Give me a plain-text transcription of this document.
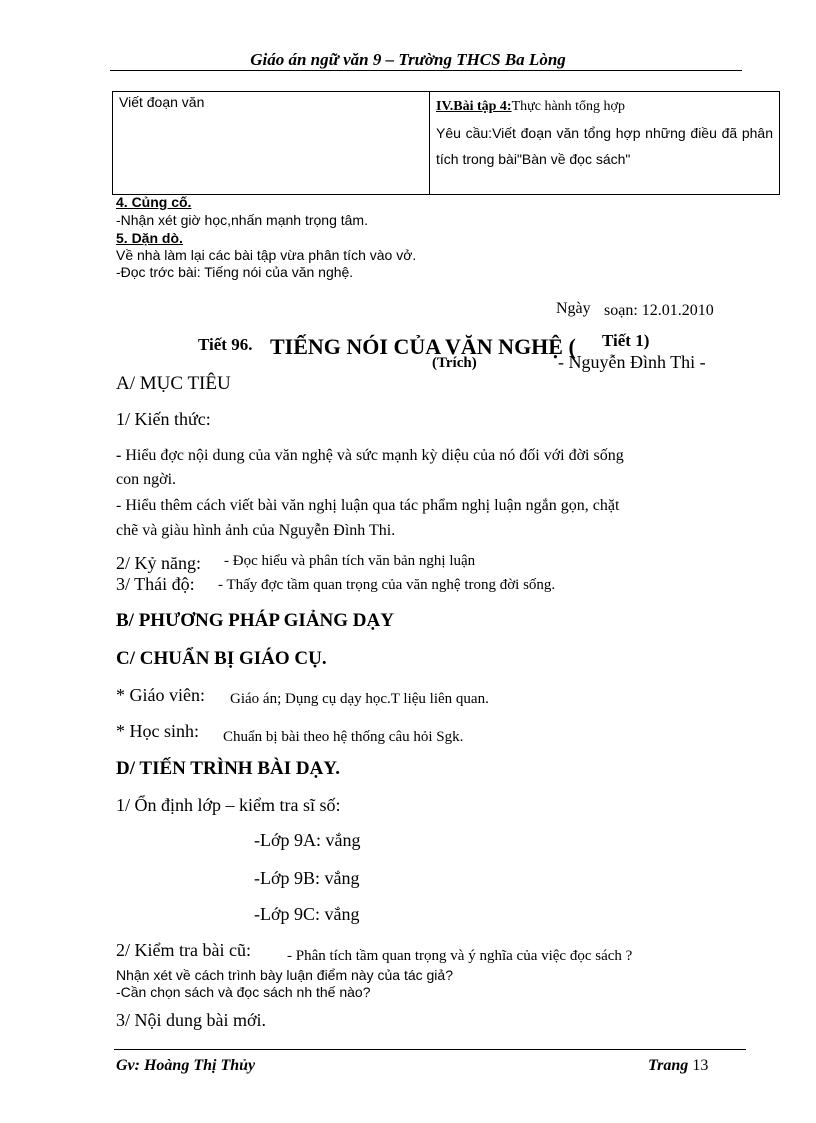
Giáo án ngữ văn 9 – Trường THCS Ba Lòng
Viết đoạn văn	IV.Bài tập 4:Thực hành tổng hợp

Yêu cầu:Viết đoạn văn tổng hợp những điều đã phân tích trong bài"Bàn về đọc sách"

4. Củng cố.
-Nhận xét giờ học,nhấn mạnh trọng tâm.
5. Dặn dò.
Về nhà làm lại các bài tập vừa phân tích vào vở.
-Đọc trớc bài: Tiếng nói của văn nghệ.
Ngày soạn: 12.01.2010
Tiết 96. TIẾNG NÓI CỦA VĂN NGHỆ ( Tiết 1)
(Trích)	- Nguyễn Đình Thi -
A/ MỤC TIÊU
1/ Kiến thức:
- Hiểu đợc nội dung của văn nghệ và sức mạnh kỳ diệu của nó đối với đời sống
con ngời.
- Hiểu thêm cách viết bài văn nghị luận qua tác phẩm nghị luận ngắn gọn, chặt
chẽ và giàu hình ảnh của Nguyễn Đình Thi.
2/ Kỷ năng: - Đọc hiểu và phân tích văn bản nghị luận
3/ Thái độ: - Thấy đợc tầm quan trọng của văn nghệ trong đời sống.
B/ PHƯƠNG PHÁP GIẢNG DẠY
C/ CHUẨN BỊ GIÁO CỤ.
* Giáo viên: Giáo án; Dụng cụ dạy học.T liệu liên quan.
* Học sinh: Chuẩn bị bài theo hệ thống câu hỏi Sgk.
D/ TIẾN TRÌNH BÀI DẠY.
1/ Ổn định lớp – kiểm tra sĩ số:
-Lớp 9A: vắng
-Lớp 9B: vắng
-Lớp 9C: vắng
2/ Kiểm tra bài cũ: - Phân tích tầm quan trọng và ý nghĩa của việc đọc sách ?
Nhận xét về cách trình bày luận điểm này của tác giả?
-Cần chọn sách và đọc sách nh thế nào?
3/ Nội dung bài mới.
Gv: Hoàng Thị Thủy	Trang 13
